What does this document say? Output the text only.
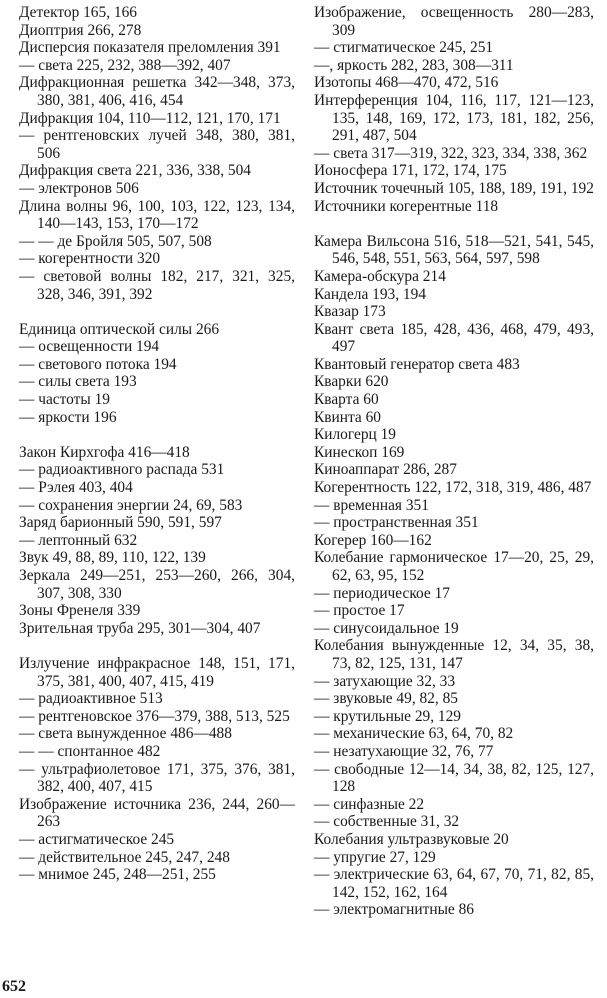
Детектор 165, 166
Диоптрия 266, 278
Дисперсия показателя преломления 391
— света 225, 232, 388—392, 407
Дифракционная решетка 342—348, 373, 380, 381, 406, 416, 454
Дифракция 104, 110—112, 121, 170, 171
— рентгеновских лучей 348, 380, 381, 506
Дифракция света 221, 336, 338, 504
— электронов 506
Длина волны 96, 100, 103, 122, 123, 134, 140—143, 153, 170—172
— — де Бройля 505, 507, 508
— когерентности 320
— световой волны 182, 217, 321, 325, 328, 346, 391, 392
Единица оптической силы 266
— освещенности 194
— светового потока 194
— силы света 193
— частоты 19
— яркости 196
Закон Кирхгофа 416—418
— радиоактивного распада 531
— Рэлея 403, 404
— сохранения энергии 24, 69, 583
Заряд барионный 590, 591, 597
— лептонный 632
Звук 49, 88, 89, 110, 122, 139
Зеркала 249—251, 253—260, 266, 304, 307, 308, 330
Зоны Френеля 339
Зрительная труба 295, 301—304, 407
Излучение инфракрасное 148, 151, 171, 375, 381, 400, 407, 415, 419
— радиоактивное 513
— рентгеновское 376—379, 388, 513, 525
— света вынужденное 486—488
— — спонтанное 482
— ультрафиолетовое 171, 375, 376, 381, 382, 400, 407, 415
Изображение источника 236, 244, 260—263
— астигматическое 245
— действительное 245, 247, 248
— мнимое 245, 248—251, 255
Изображение, освещенность 280—283, 309
— стигматическое 245, 251
—, яркость 282, 283, 308—311
Изотопы 468—470, 472, 516
Интерференция 104, 116, 117, 121—123, 135, 148, 169, 172, 173, 181, 182, 256, 291, 487, 504
— света 317—319, 322, 323, 334, 338, 362
Ионосфера 171, 172, 174, 175
Источник точечный 105, 188, 189, 191, 192
Источники когерентные 118
Камера Вильсона 516, 518—521, 541, 545, 546, 548, 551, 563, 564, 597, 598
Камера-обскура 214
Кандела 193, 194
Квазар 173
Квант света 185, 428, 436, 468, 479, 493, 497
Квантовый генератор света 483
Кварки 620
Кварта 60
Квинта 60
Килогерц 19
Кинескоп 169
Киноаппарат 286, 287
Когерентность 122, 172, 318, 319, 486, 487
— временная 351
— пространственная 351
Когерер 160—162
Колебание гармоническое 17—20, 25, 29, 62, 63, 95, 152
— периодическое 17
— простое 17
— синусоидальное 19
Колебания вынужденные 12, 34, 35, 38, 73, 82, 125, 131, 147
— затухающие 32, 33
— звуковые 49, 82, 85
— крутильные 29, 129
— механические 63, 64, 70, 82
— незатухающие 32, 76, 77
— свободные 12—14, 34, 38, 82, 125, 127, 128
— синфазные 22
— собственные 31, 32
Колебания ультразвуковые 20
— упругие 27, 129
— электрические 63, 64, 67, 70, 71, 82, 85, 142, 152, 162, 164
— электромагнитные 86
652
